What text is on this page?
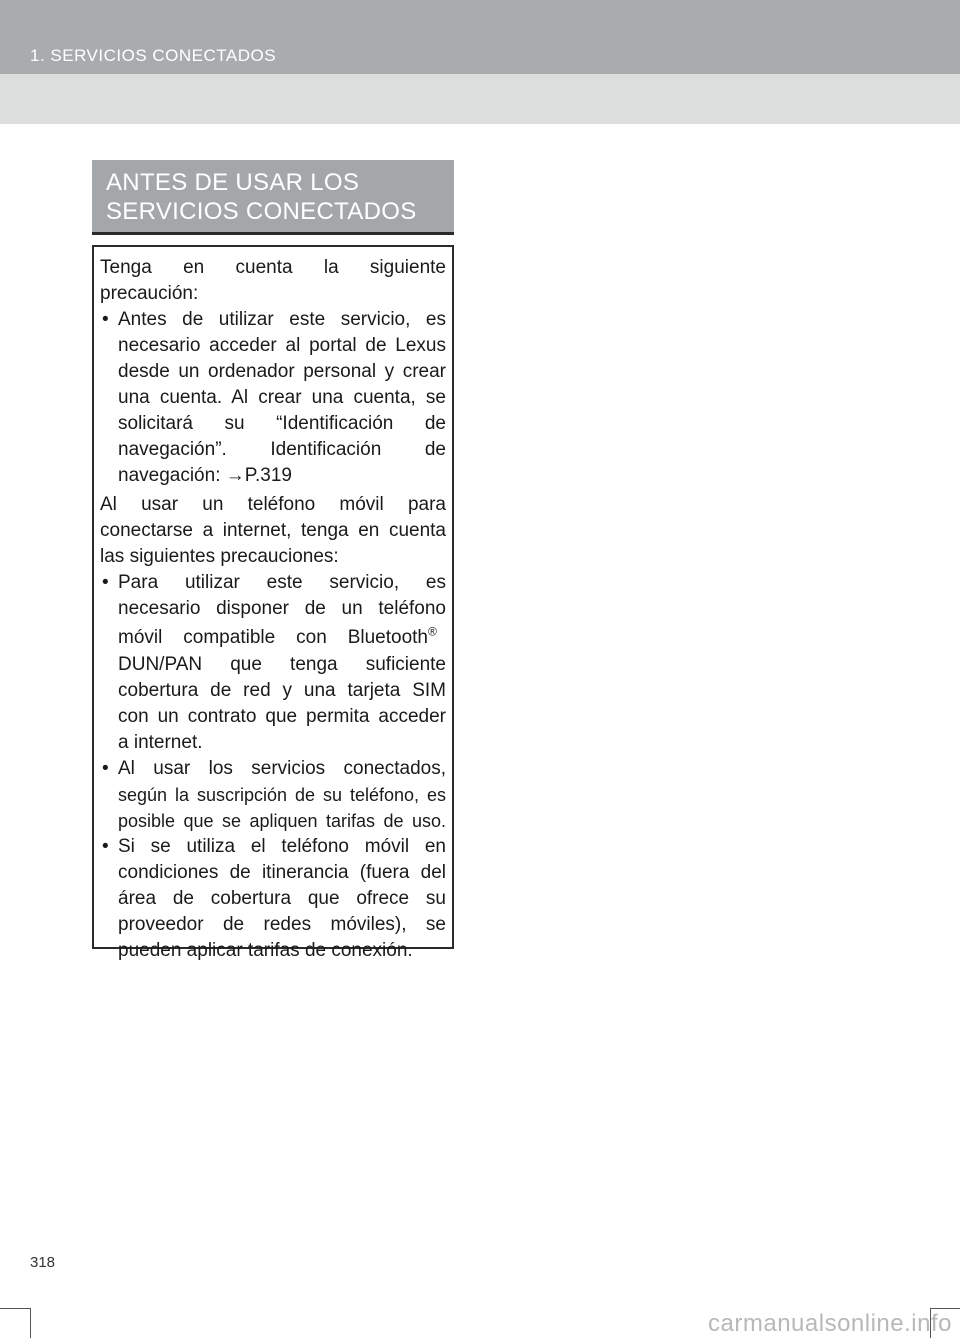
1. SERVICIOS CONECTADOS
ANTES DE USAR LOS
SERVICIOS CONECTADOS
Tenga en cuenta la siguiente
precaución:
• Antes de utilizar este servicio, es
necesario acceder al portal de Lexus
desde un ordenador personal y crear
una cuenta. Al crear una cuenta, se
solicitará su “Identificación de
navegación”. Identificación de
navegación: →P.319
Al usar un teléfono móvil para
conectarse a internet, tenga en cuenta
las siguientes precauciones:
• Para utilizar este servicio, es
necesario disponer de un teléfono
móvil compatible con Bluetooth®
DUN/PAN que tenga suficiente
cobertura de red y una tarjeta SIM
con un contrato que permita acceder
a internet.
• Al usar los servicios conectados,
según la suscripción de su teléfono, es
posible que se apliquen tarifas de uso.
• Si se utiliza el teléfono móvil en
condiciones de itinerancia (fuera del
área de cobertura que ofrece su
proveedor de redes móviles), se
pueden aplicar tarifas de conexión.
318
carmanualsonline.info
